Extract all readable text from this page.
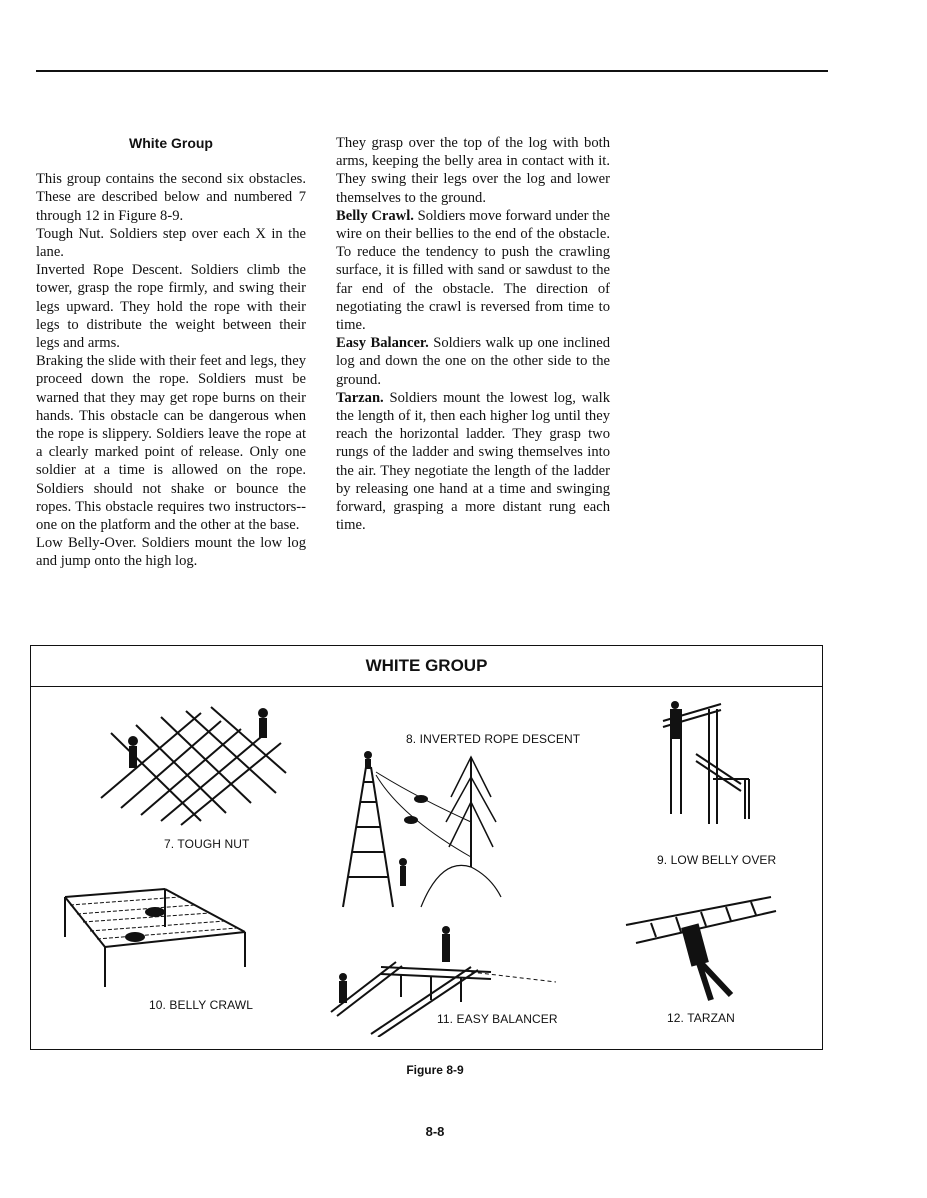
White Group

This group contains the second six obstacles. These are described below and numbered 7 through 12 in Figure 8-9.

Tough Nut. Soldiers step over each X in the lane.

Inverted Rope Descent. Soldiers climb the tower, grasp the rope firmly, and swing their legs upward. They hold the rope with their legs to distribute the weight between their legs and arms.

Braking the slide with their feet and legs, they proceed down the rope. Soldiers must be warned that they may get rope burns on their hands. This obstacle can be dangerous when the rope is slippery. Soldiers leave the rope at a clearly marked point of release. Only one soldier at a time is allowed on the rope. Soldiers should not shake or bounce the ropes. This obstacle requires two instructors--one on the platform and the other at the base.

Low Belly-Over. Soldiers mount the low log and jump onto the high log.

They grasp over the top of the log with both arms, keeping the belly area in contact with it. They swing their legs over the log and lower themselves to the ground.

Belly Crawl. Soldiers move forward under the wire on their bellies to the end of the obstacle. To reduce the tendency to push the crawling surface, it is filled with sand or sawdust to the far end of the obstacle. The direction of negotiating the crawl is reversed from time to time.

Easy Balancer. Soldiers walk up one inclined log and down the one on the other side to the ground.

Tarzan. Soldiers mount the lowest log, walk the length of it, then each higher log until they reach the horizontal ladder. They grasp two rungs of the ladder and swing themselves into the air. They negotiate the length of the ladder by releasing one hand at a time and swinging forward, grasping a more distant rung each time.

WHITE GROUP
7. TOUGH NUT
8. INVERTED ROPE DESCENT
9. LOW BELLY OVER
10. BELLY CRAWL
11. EASY BALANCER	12. TARZAN
Figure 8-9
8-8
